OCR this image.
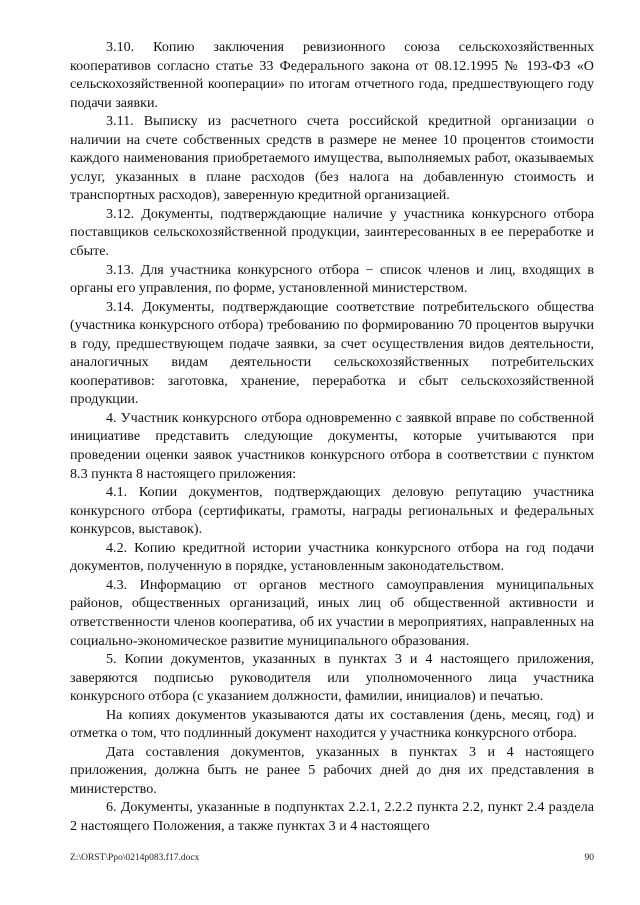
3.10. Копию заключения ревизионного союза сельскохозяйственных кооперативов согласно статье 33 Федерального закона от 08.12.1995 № 193-ФЗ «О сельскохозяйственной кооперации» по итогам отчетного года, предшествующего году подачи заявки.

3.11. Выписку из расчетного счета российской кредитной организации о наличии на счете собственных средств в размере не менее 10 процентов стоимости каждого наименования приобретаемого имущества, выполняемых работ, оказываемых услуг, указанных в плане расходов (без налога на добавленную стоимость и транспортных расходов), заверенную кредитной организацией.

3.12. Документы, подтверждающие наличие у участника конкурсного отбора поставщиков сельскохозяйственной продукции, заинтересованных в ее переработке и сбыте.

3.13. Для участника конкурсного отбора − список членов и лиц, входящих в органы его управления, по форме, установленной министерством.

3.14. Документы, подтверждающие соответствие потребительского общества (участника конкурсного отбора) требованию по формированию 70 процентов выручки в году, предшествующем подаче заявки, за счет осуществления видов деятельности, аналогичных видам деятельности сельскохозяйственных потребительских кооперативов: заготовка, хранение, переработка и сбыт сельскохозяйственной продукции.

4. Участник конкурсного отбора одновременно с заявкой вправе по собственной инициативе представить следующие документы, которые учитываются при проведении оценки заявок участников конкурсного отбора в соответствии с пунктом 8.3 пункта 8 настоящего приложения:

4.1. Копии документов, подтверждающих деловую репутацию участника конкурсного отбора (сертификаты, грамоты, награды региональных и федеральных конкурсов, выставок).

4.2. Копию кредитной истории участника конкурсного отбора на год подачи документов, полученную в порядке, установленным законодательством.

4.3. Информацию от органов местного самоуправления муниципальных районов, общественных организаций, иных лиц об общественной активности и ответственности членов кооператива, об их участии в мероприятиях, направленных на социально-экономическое развитие муниципального образования.

5. Копии документов, указанных в пунктах 3 и 4 настоящего приложения, заверяются подписью руководителя или уполномоченного лица участника конкурсного отбора (с указанием должности, фамилии, инициалов) и печатью.

На копиях документов указываются даты их составления (день, месяц, год) и отметка о том, что подлинный документ находится у участника конкурсного отбора.

Дата составления документов, указанных в пунктах 3 и 4 настоящего приложения, должна быть не ранее 5 рабочих дней до дня их представления в министерство.

6. Документы, указанные в подпунктах 2.2.1, 2.2.2 пункта 2.2, пункт 2.4 раздела 2 настоящего Положения, а также пунктах 3 и 4 настоящего

Z:\ORST\Ppo\0214p083.f17.docx	90
